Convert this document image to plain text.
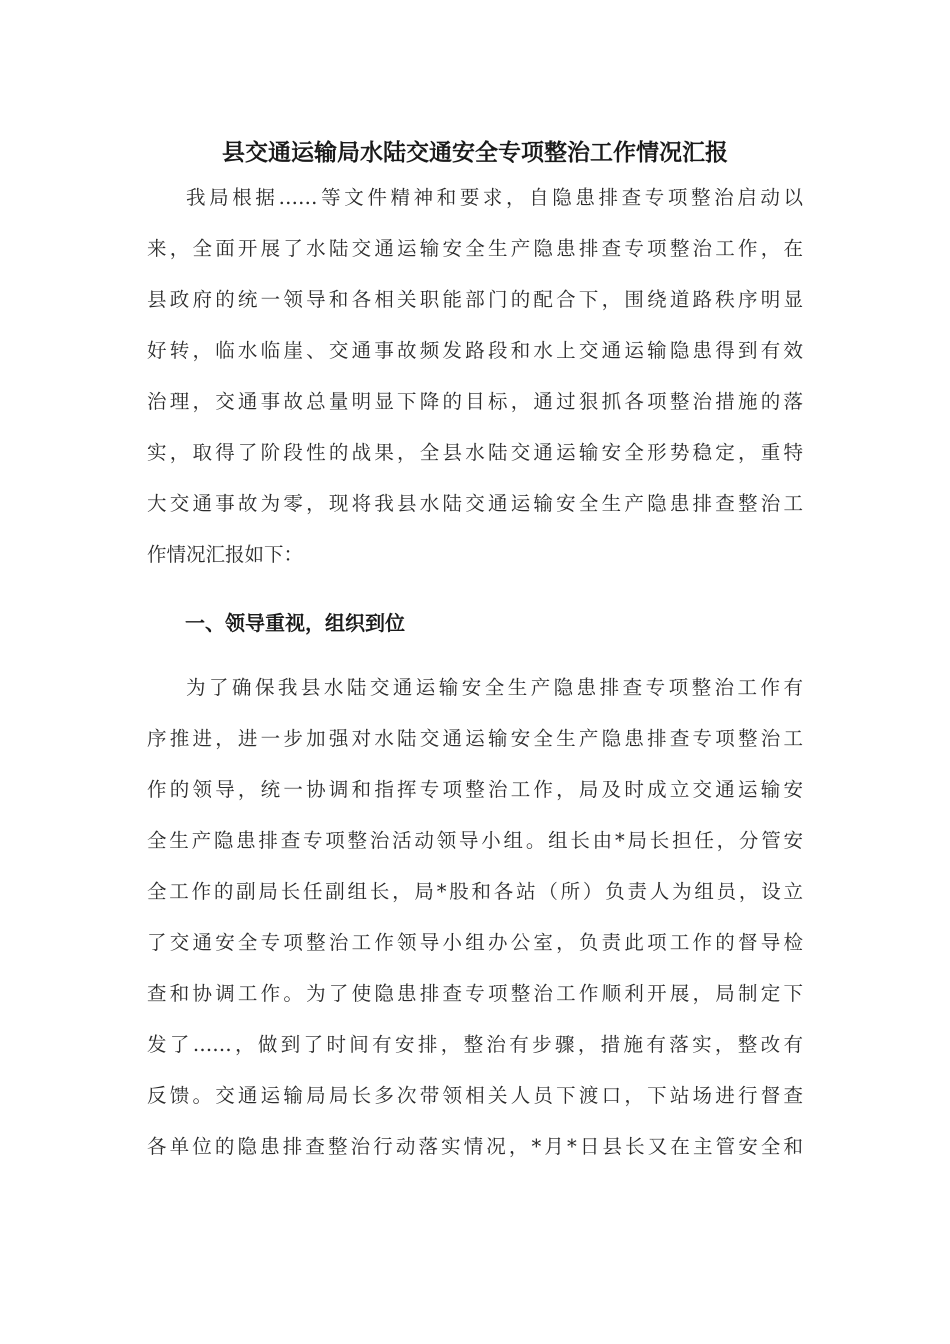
县交通运输局水陆交通安全专项整治工作情况汇报
我局根据……等文件精神和要求，自隐患排查专项整治启动以
来，全面开展了水陆交通运输安全生产隐患排查专项整治工作，在
县政府的统一领导和各相关职能部门的配合下，围绕道路秩序明显
好转，临水临崖、交通事故频发路段和水上交通运输隐患得到有效
治理，交通事故总量明显下降的目标，通过狠抓各项整治措施的落
实，取得了阶段性的战果，全县水陆交通运输安全形势稳定，重特
大交通事故为零，现将我县水陆交通运输安全生产隐患排查整治工
作情况汇报如下：
一、领导重视，组织到位
为了确保我县水陆交通运输安全生产隐患排查专项整治工作有
序推进，进一步加强对水陆交通运输安全生产隐患排查专项整治工
作的领导，统一协调和指挥专项整治工作，局及时成立交通运输安
全生产隐患排查专项整治活动领导小组。组长由*局长担任，分管安
全工作的副局长任副组长，局*股和各站（所）负责人为组员，设立
了交通安全专项整治工作领导小组办公室，负责此项工作的督导检
查和协调工作。为了使隐患排查专项整治工作顺利开展，局制定下
发了……，做到了时间有安排，整治有步骤，措施有落实，整改有
反馈。交通运输局局长多次带领相关人员下渡口，下站场进行督查
各单位的隐患排查整治行动落实情况，*月*日县长又在主管安全和
